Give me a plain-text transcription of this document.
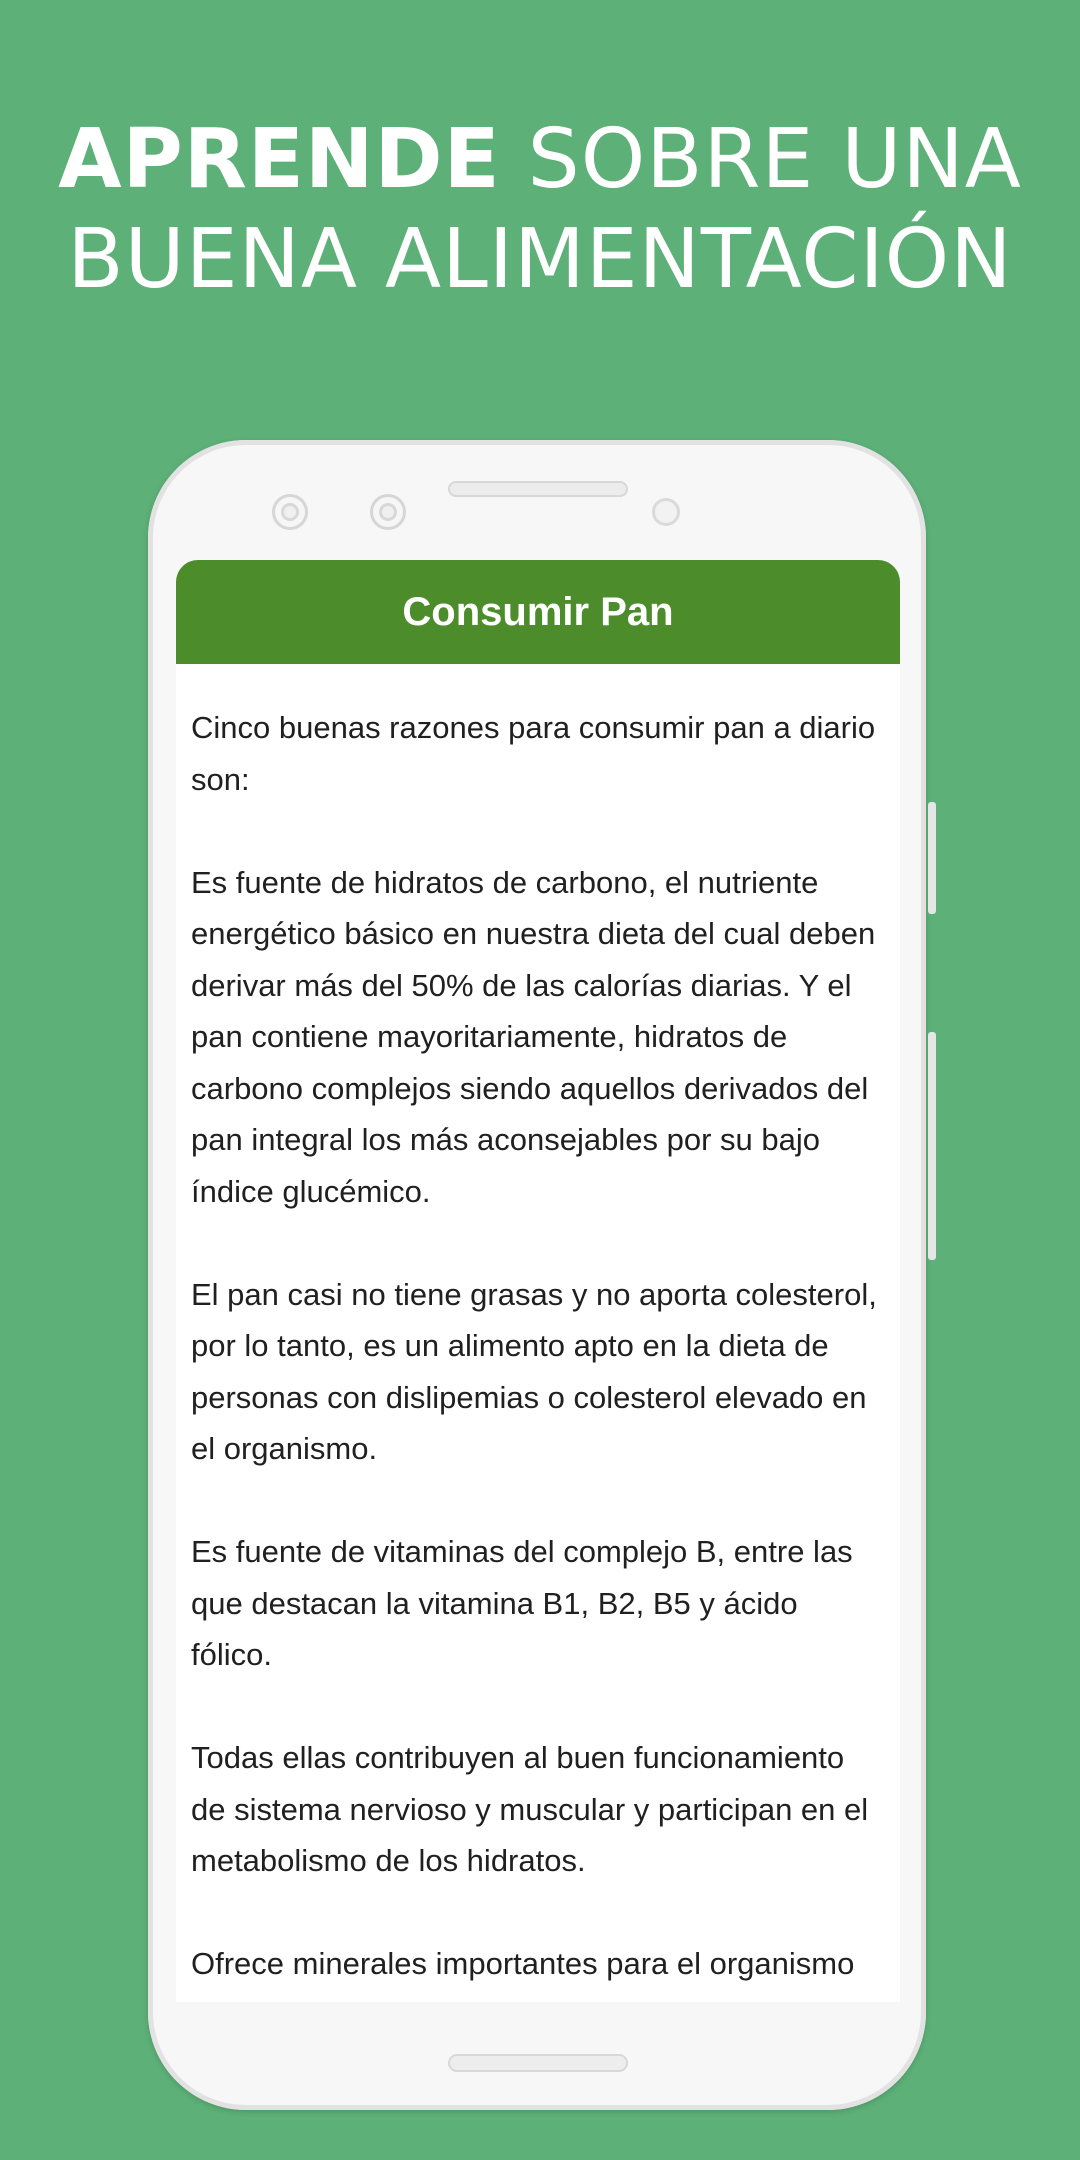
APRENDE SOBRE UNA
BUENA ALIMENTACIÓN
Consumir Pan

Cinco buenas razones para consumir pan a diario son:

Es fuente de hidratos de carbono, el nutriente energético básico en nuestra dieta del cual deben derivar más del 50% de las calorías diarias. Y el pan contiene mayoritariamente, hidratos de carbono complejos siendo aquellos derivados del pan integral los más aconsejables por su bajo índice glucémico.

El pan casi no tiene grasas y no aporta colesterol, por lo tanto, es un alimento apto en la dieta de personas con dislipemias o colesterol elevado en el organismo.

Es fuente de vitaminas del complejo B, entre las que destacan la vitamina B1, B2, B5 y ácido fólico.

Todas ellas contribuyen al buen funcionamiento de sistema nervioso y muscular y participan en el metabolismo de los hidratos.

Ofrece minerales importantes para el organismo
